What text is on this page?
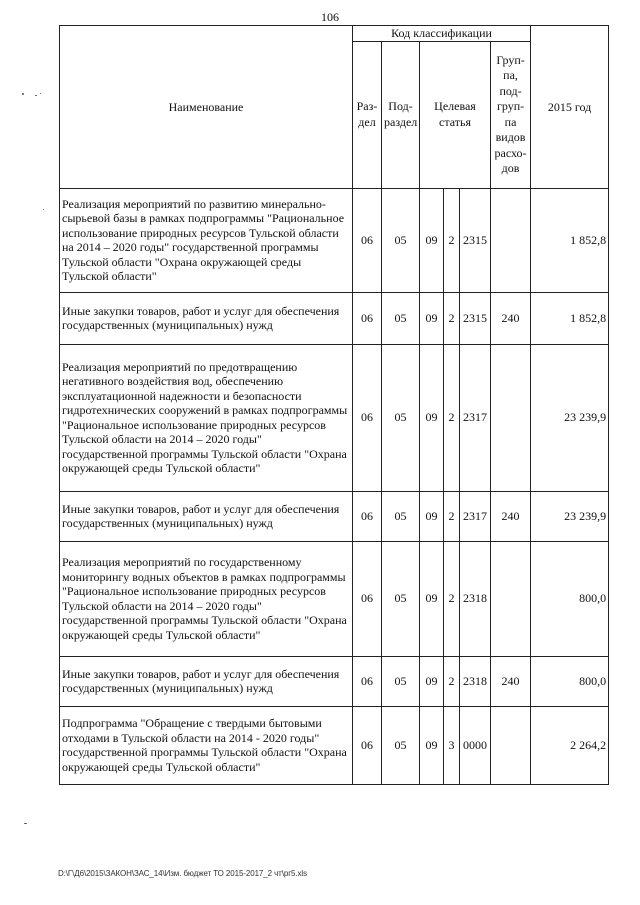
106
Наименование	Код классификации						2015 год
	Раз-дел	Под-раздел	Целевая статья			Груп-па, под-груп-па видов расхо-дов	
Реализация мероприятий по развитию минерально-сырьевой базы в рамках подпрограммы "Рациональное использование природных ресурсов Тульской области на 2014 – 2020 годы" государственной программы Тульской области "Охрана окружающей среды Тульской области"	06	05	09	2	2315		1 852,8
Иные закупки товаров, работ и услуг для обеспечения государственных (муниципальных) нужд	06	05	09	2	2315	240	1 852,8
Реализация мероприятий по предотвращению негативного воздействия вод, обеспечению эксплуатационной надежности и безопасности гидротехнических сооружений в рамках подпрограммы "Рациональное использование природных ресурсов Тульской области на 2014 – 2020 годы" государственной программы Тульской области "Охрана окружающей среды Тульской области"	06	05	09	2	2317		23 239,9
Иные закупки товаров, работ и услуг для обеспечения государственных (муниципальных) нужд	06	05	09	2	2317	240	23 239,9
Реализация мероприятий по государственному мониторингу водных объектов в рамках подпрограммы "Рациональное использование природных ресурсов Тульской области на 2014 – 2020 годы" государственной программы Тульской области "Охрана окружающей среды Тульской области"	06	05	09	2	2318		800,0
Иные закупки товаров, работ и услуг для обеспечения государственных (муниципальных) нужд	06	05	09	2	2318	240	800,0
Подпрограмма "Обращение с твердыми бытовыми отходами в Тульской области на 2014 - 2020 годы" государственной программы Тульской области "Охрана окружающей среды Тульской области"	06	05	09	3	0000		2 264,2
D:\Г\Д6\2015\ЗАКОН\ЗАС_14\Изм. бюджет ТО 2015-2017_2 чт\рг5.xls
